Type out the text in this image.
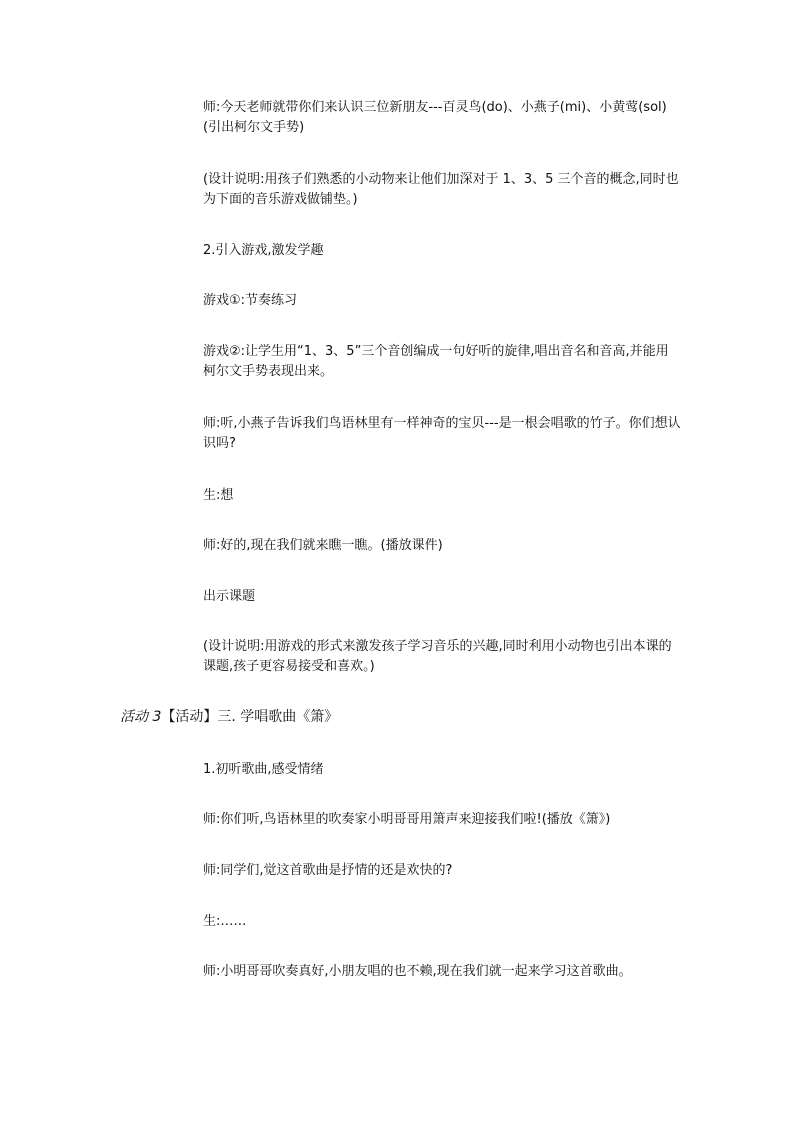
师:今天老师就带你们来认识三位新朋友---百灵鸟(do)、小燕子(mi)、小黄莺(sol)(引出柯尔文手势)

(设计说明:用孩子们熟悉的小动物来让他们加深对于 1、3、5 三个音的概念,同时也为下面的音乐游戏做铺垫。)

2.引入游戏,激发学趣

游戏①:节奏练习

游戏②:让学生用“1、3、5”三个音创编成一句好听的旋律,唱出音名和音高,并能用柯尔文手势表现出来。

师:听,小燕子告诉我们鸟语林里有一样神奇的宝贝---是一根会唱歌的竹子。你们想认识吗?

生:想

师:好的,现在我们就来瞧一瞧。(播放课件)

出示课题

(设计说明:用游戏的形式来激发孩子学习音乐的兴趣,同时利用小动物也引出本课的课题,孩子更容易接受和喜欢。)

活动 3【活动】三. 学唱歌曲《箫》

1.初听歌曲,感受情绪

师:你们听,鸟语林里的吹奏家小明哥哥用箫声来迎接我们啦!(播放《箫》)

师:同学们,觉这首歌曲是抒情的还是欢快的?

生:……

师:小明哥哥吹奏真好,小朋友唱的也不赖,现在我们就一起来学习这首歌曲。
